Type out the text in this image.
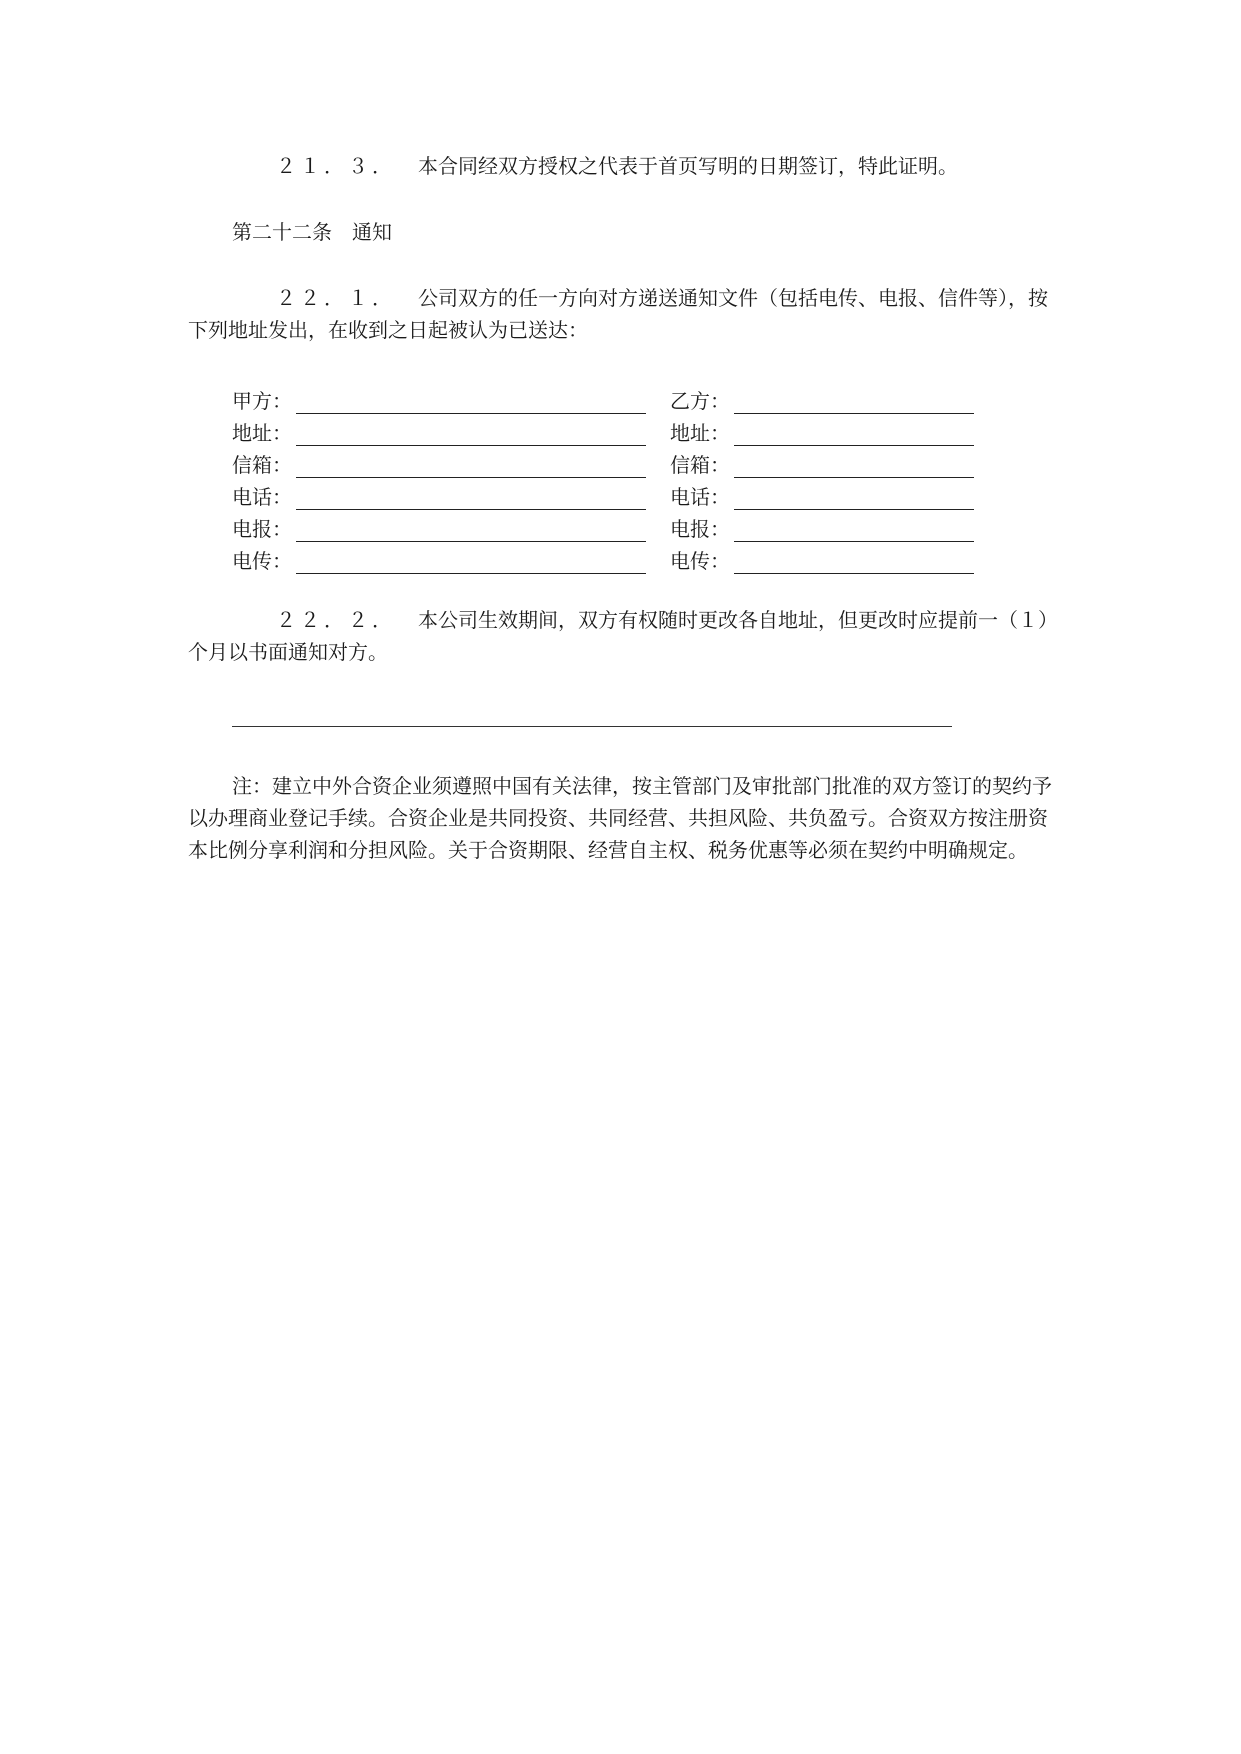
２１．３． 本合同经双方授权之代表于首页写明的日期签订，特此证明。

第二十二条　通知

２２．１． 公司双方的任一方向对方递送通知文件（包括电传、电报、信件等），按下列地址发出，在收到之日起被认为已送达：

甲方：	乙方：
地址：	地址：
信箱：	信箱：
电话：	电话：
电报：	电报：
电传：	电传：

２２．２． 本公司生效期间，双方有权随时更改各自地址，但更改时应提前一（１）个月以书面通知对方。

注：建立中外合资企业须遵照中国有关法律，按主管部门及审批部门批准的双方签订的契约予以办理商业登记手续。合资企业是共同投资、共同经营、共担风险、共负盈亏。合资双方按注册资本比例分享利润和分担风险。关于合资期限、经营自主权、税务优惠等必须在契约中明确规定。
